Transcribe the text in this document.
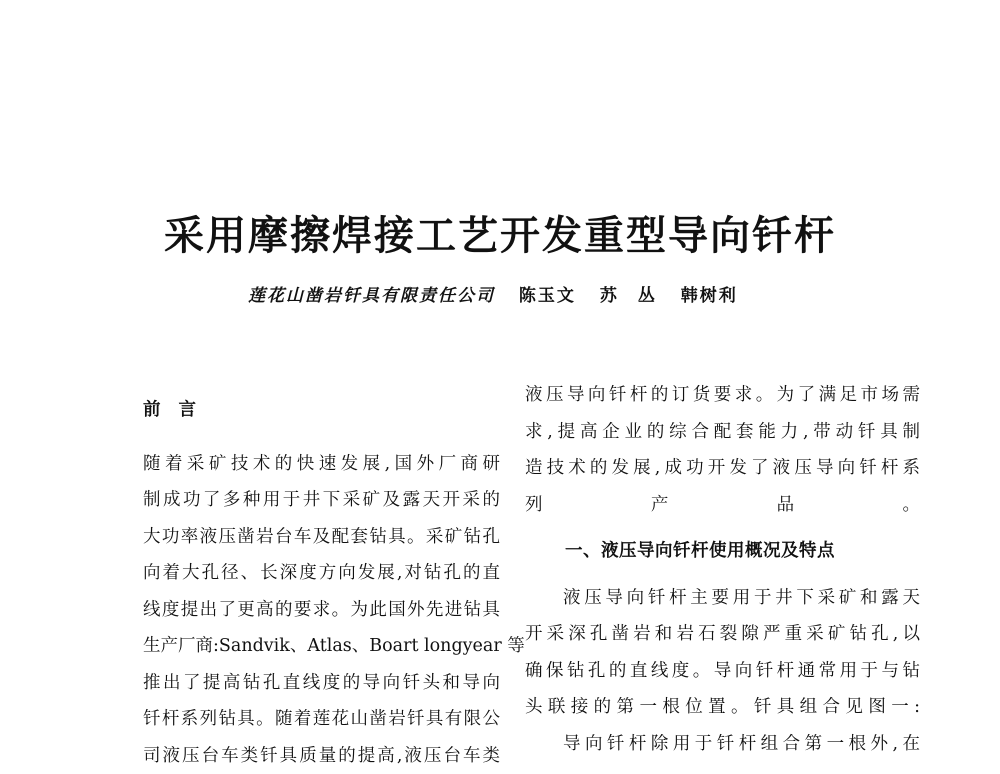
采用摩擦焊接工艺开发重型导向钎杆
莲花山凿岩钎具有限责任公司 陈玉文 苏　丛 韩树利
前言

随着采矿技术的快速发展,国外厂商研
制成功了多种用于井下采矿及露天开采的
大功率液压凿岩台车及配套钻具。采矿钻孔
向着大孔径、长深度方向发展,对钻孔的直
线度提出了更高的要求。为此国外先进钻具
生产厂商:Sandvik、Atlas、Boart longyear 等
推出了提高钻孔直线度的导向钎头和导向
钎杆系列钻具。随着莲花山凿岩钎具有限公
司液压台车类钎具质量的提高,液压台车类

液压导向钎杆的订货要求。为了满足市场需
求,提高企业的综合配套能力,带动钎具制
造技术的发展,成功开发了液压导向钎杆系
列产品。

一、液压导向钎杆使用概况及特点

液压导向钎杆主要用于井下采矿和露天
开采深孔凿岩和岩石裂隙严重采矿钻孔,以
确保钻孔的直线度。导向钎杆通常用于与钻
头联接的第一根位置。钎具组合见图一:

导向钎杆除用于钎杆组合第一根外,在
